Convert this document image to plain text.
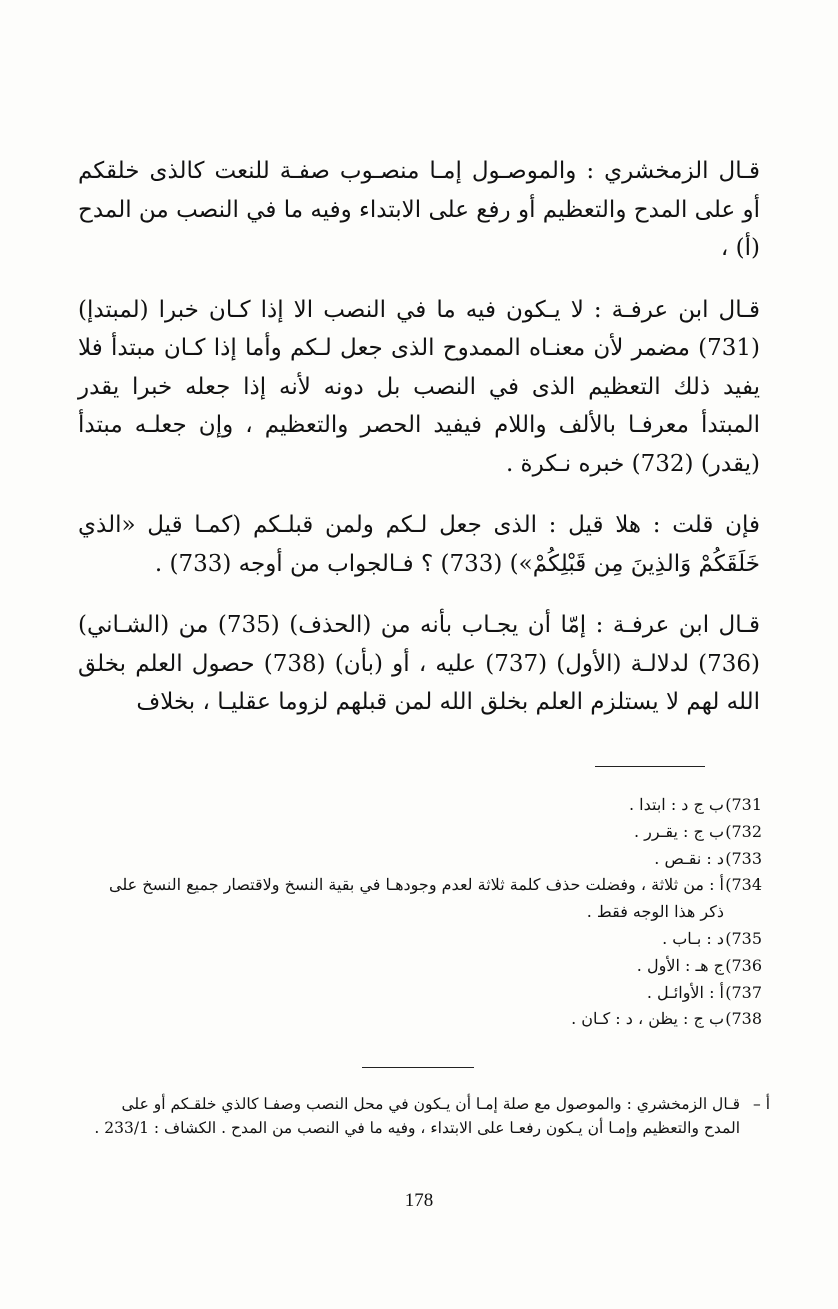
قـال الزمخشري : والموصـول إمـا منصـوب صفـة للنعت كالذى خلقكم أو على المدح والتعظيم أو رفع على الابتداء وفيه ما في النصب من المدح (أ) ،

قـال ابن عرفـة : لا يـكون فيه ما في النصب الا إذا كـان خبرا (لمبتدإ) (731) مضمر لأن معنـاه الممدوح الذى جعل لـكم وأما إذا كـان مبتدأ فلا يفيد ذلك التعظيم الذى في النصب بل دونه لأنه إذا جعله خبرا يقدر المبتدأ معرفـا بالألف واللام فيفيد الحصر والتعظيم ، وإن جعلـه مبتدأ (يقدر) (732) خبره نـكرة .

فإن قلت : هلا قيل : الذى جعل لـكم ولمن قبلـكم (كمـا قيل «الذي خَلَقَكُمْ وَالذِينَ مِن قَبْلِكُمْ») (733) ؟ فـالجواب من أوجه (733) .

قـال ابن عرفـة : إمّا أن يجـاب بأنه من (الحذف) (735) من (الشـاني) (736) لدلالـة (الأول) (737) عليه ، أو (بأن) (738) حصول العلم بخلق الله لهم لا يستلزم العلم بخلق الله لمن قبلهم لزوما عقليـا ، بخلاف

731)
ب ج د : ابتدا .
732)
ب ج : يقـرر .
733)
د : نقـص .
734)
أ : من ثلاثة ، وفضلت حذف كلمة ثلاثة لعدم وجودهـا في بقية النسخ ولاقتصار جميع النسخ على ذكر هذا الوجه فقط .
735)
د : بـاب .
736)
ج هـ : الأول .
737)
أ : الأوائـل .
738)
ب ج : يظن ، د : كـان .
أ –
قـال الزمخشري : والموصول مع صلة إمـا أن يـكون في محل النصب وصفـا كالذي خلقـكم أو على المدح والتعظيم وإمـا أن يـكون رفعـا على الابتداء ، وفيه ما في النصب من المدح . الكشاف : 233/1 .
178
